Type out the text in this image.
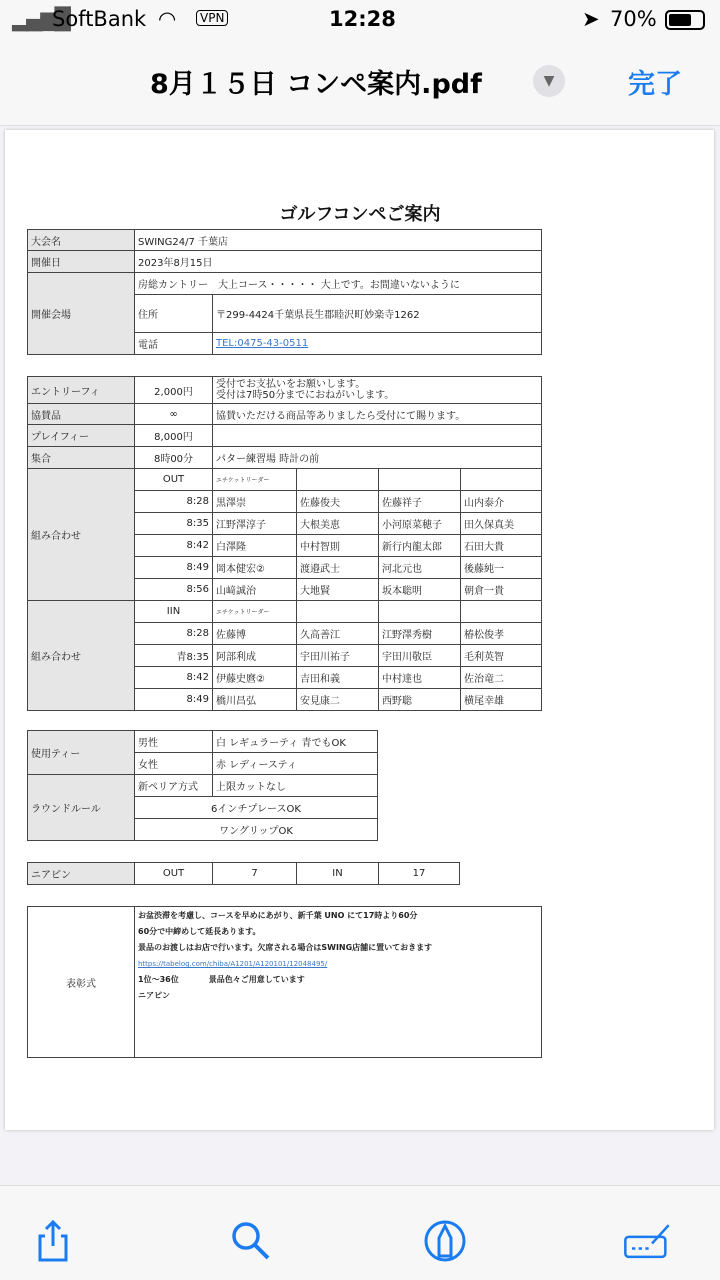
▂▄▆█
SoftBank ◠	VPN	12:28	➤ 70%
8月１５日 コンペ案内.pdf	▼	完了
ゴルフコンペご案内
大会名	SWING24/7 千葉店	
開催日	2023年8月15日	
開催会場	房総カントリー　大上コース・・・・・ 大上です。お間違いないように	
	住所	〒299-4424千葉県長生郡睦沢町妙楽寺1262
	電話	TEL:0475-43-0511
エントリーフィ	2,000円	受付でお支払いをお願いします。
受付は7時50分までにおねがいします。			

協賛品	∞	協賛いただける商品等ありましたら受付にて賜ります。			
プレイフィー	8,000円				
集合	8時00分	パター練習場 時計の前			
組み合わせ	OUT	エチケットリーダー			
	8:28	黒澤崇	佐藤俊夫	佐藤祥子	山内泰介
	8:35	江野澤淳子	大根美恵	小河原菜穂子	田久保真美
	8:42	白澤隆	中村智則	新行内龍太郎	石田大貴
	8:49	岡本健宏②	渡邉武士	河北元也	後藤純一
	8:56	山﨑誠治	大地賢	坂本聡明	朝倉一貴
組み合わせ	IIN	エチケットリーダー			
	8:28	佐藤博	久高善江	江野澤秀樹	椿松俊孝
	青8:35	阿部利成	宇田川祐子	宇田川敬臣	毛利英智
	8:42	伊藤史麿②	吉田和義	中村達也	佐治竜二
	8:49	橋川昌弘	安見康二	西野聡	横尾幸雄
使用ティー	男性	白 レギュラーティ 青でもOK
	女性	赤 レディースティ
ラウンドルール	新ペリア方式	上限カットなし
	6インチプレースOK	
	ワングリップOK	
ニアピン	OUT	7	IN	17
表彰式	

お盆渋滞を考慮し、コースを早めにあがり、新千葉 UNO にて17時より60分

60分で中締めして延長あります。

景品のお渡しはお店で行います。欠席される場合はSWING店舗に置いておきます

https://tabelog.com/chiba/A1201/A120101/12048495/

1位〜36位	景品色々ご用意しています

ニアピン
